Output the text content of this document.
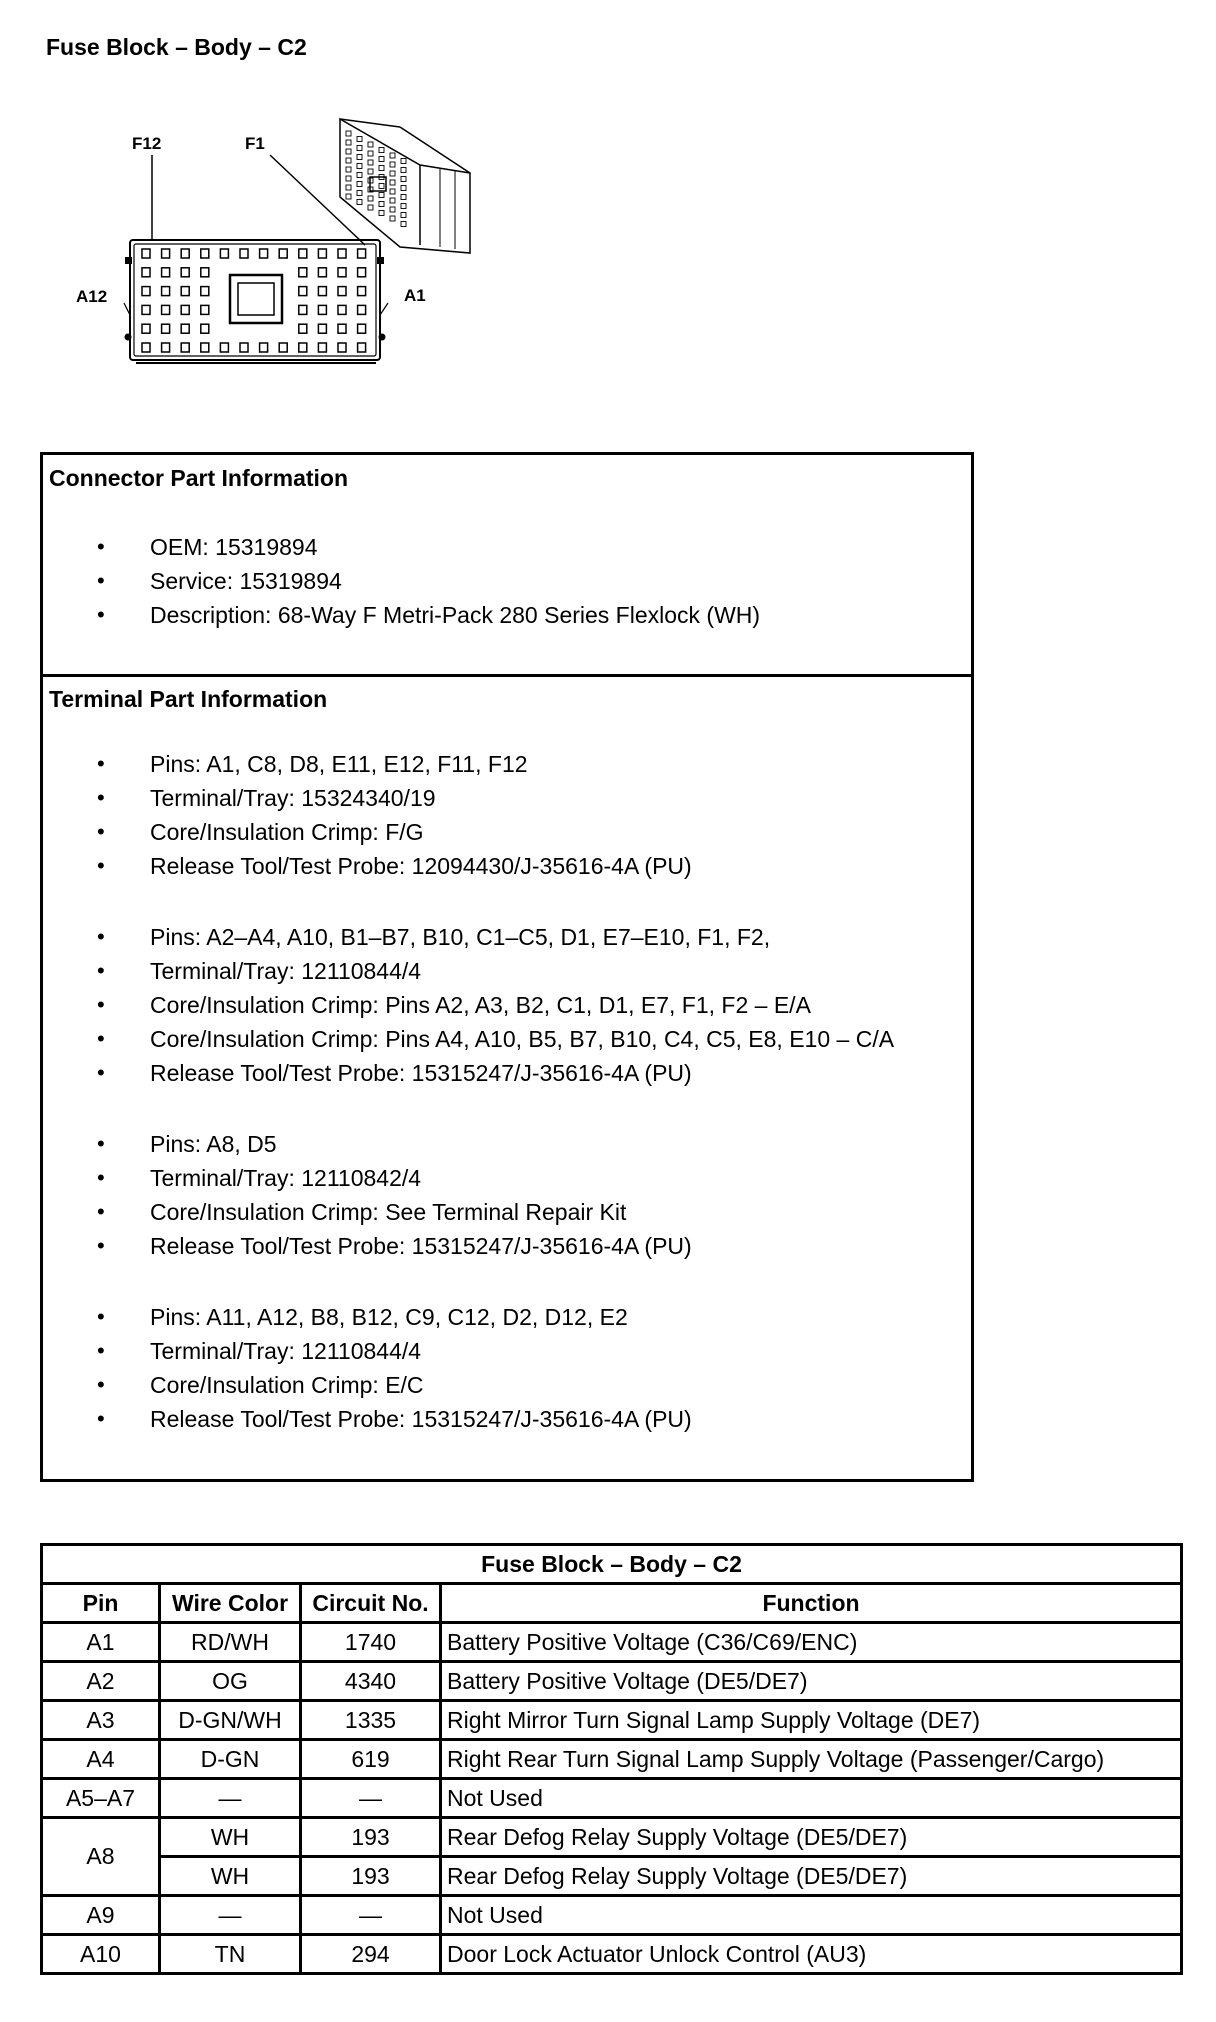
Fuse Block – Body – C2
F12	F1
A12	A1
Connector Part Information
• OEM: 15319894
• Service: 15319894
• Description: 68-Way F Metri-Pack 280 Series Flexlock (WH)
Terminal Part Information
• Pins: A1, C8, D8, E11, E12, F11, F12
• Terminal/Tray: 15324340/19
• Core/Insulation Crimp: F/G
• Release Tool/Test Probe: 12094430/J-35616-4A (PU)
• Pins: A2–A4, A10, B1–B7, B10, C1–C5, D1, E7–E10, F1, F2,
• Terminal/Tray: 12110844/4
• Core/Insulation Crimp: Pins A2, A3, B2, C1, D1, E7, F1, F2 – E/A
• Core/Insulation Crimp: Pins A4, A10, B5, B7, B10, C4, C5, E8, E10 – C/A
• Release Tool/Test Probe: 15315247/J-35616-4A (PU)
• Pins: A8, D5
• Terminal/Tray: 12110842/4
• Core/Insulation Crimp: See Terminal Repair Kit
• Release Tool/Test Probe: 15315247/J-35616-4A (PU)
• Pins: A11, A12, B8, B12, C9, C12, D2, D12, E2
• Terminal/Tray: 12110844/4
• Core/Insulation Crimp: E/C
• Release Tool/Test Probe: 15315247/J-35616-4A (PU)
Fuse Block – Body – C2			
Pin	Wire Color	Circuit No.	Function
A1	RD/WH	1740	Battery Positive Voltage (C36/C69/ENC)
A2	OG	4340	Battery Positive Voltage (DE5/DE7)
A3	D-GN/WH	1335	Right Mirror Turn Signal Lamp Supply Voltage (DE7)
A4	D-GN	619	Right Rear Turn Signal Lamp Supply Voltage (Passenger/Cargo)
A5–A7	—	—	Not Used
A8	WH	193	Rear Defog Relay Supply Voltage (DE5/DE7)
	WH	193	Rear Defog Relay Supply Voltage (DE5/DE7)
A9	—	—	Not Used
A10	TN	294	Door Lock Actuator Unlock Control (AU3)
